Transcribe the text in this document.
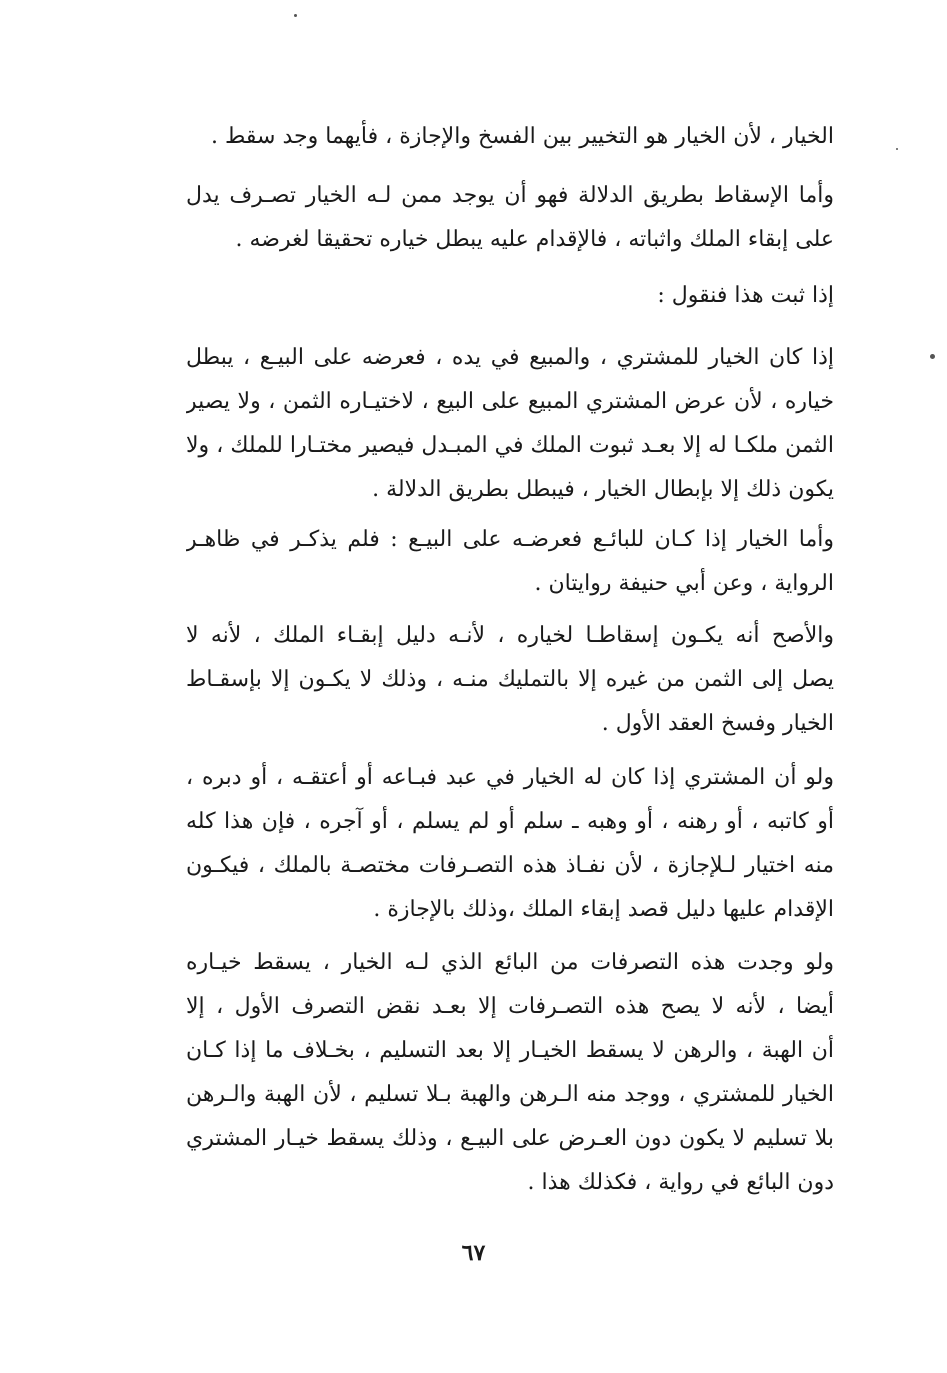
الخيار ، لأن الخيار هو التخيير بين الفسخ والإجازة ، فأيهما وجد سقط .
وأما الإسقاط بطريق الدلالة فهو أن يوجد ممن لـه الخيار تصـرف يدل
على إبقاء الملك واثباته ، فالإقدام عليه يبطل خياره تحقيقا لغرضه .
إذا ثبت هذا فنقول :
إذا كان الخيار للمشتري ، والمبيع في يده ، فعرضه على البيـع ، يبطل
خياره ، لأن عرض المشتري المبيع على البيع ، لاختيـاره الثمن ، ولا يصير
الثمن ملكـا له إلا بعـد ثبوت الملك في المبـدل فيصير مختـارا للملك ، ولا
يكون ذلك إلا بإبطال الخيار ، فيبطل بطريق الدلالة .
وأما الخيار إذا كـان للبائـع فعرضـه على البيـع : فلم يذكـر في ظاهـر
الرواية ، وعن أبي حنيفة روايتان .
والأصح أنه يكـون إسقاطـا لخياره ، لأنـه دليل إبقـاء الملك ، لأنه لا
يصل إلى الثمن من غيره إلا بالتمليك منـه ، وذلك لا يكـون إلا بإسقـاط
الخيار وفسخ العقد الأول .
ولو أن المشتري إذا كان له الخيار في عبد فبـاعه أو أعتقـه ، أو دبره ،
أو كاتبه ، أو رهنه ، أو وهبه ـ سلم أو لم يسلم ، أو آجره ، فإن هذا كله
منه اختيار لـلإجازة ، لأن نفـاذ هذه التصـرفات مختصـة بالملك ، فيكـون
الإقدام عليها دليل قصد إبقاء الملك ،وذلك بالإجازة .
ولو وجدت هذه التصرفات من البائع الذي لـه الخيار ، يسقط خيـاره
أيضا ، لأنه لا يصح هذه التصـرفات إلا بعـد نقض التصرف الأول ، إلا
أن الهبة ، والرهن لا يسقط الخيـار إلا بعد التسليم ، بخـلاف ما إذا كـان
الخيار للمشتري ، ووجد منه الـرهن والهبة بـلا تسليم ، لأن الهبة والـرهن
بلا تسليم لا يكون دون العـرض على البيـع ، وذلك يسقط خيـار المشتري
دون البائع في رواية ، فكذلك هذا .
٦٧
